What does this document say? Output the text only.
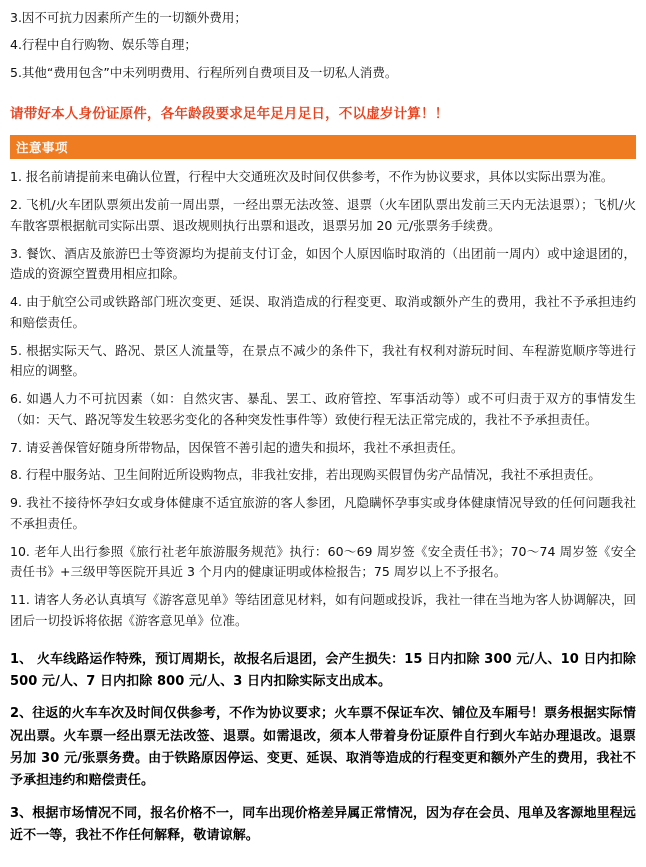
3.因不可抗力因素所产生的一切额外费用；

4.行程中自行购物、娱乐等自理；

5.其他“费用包含”中未列明费用、行程所列自费项目及一切私人消费。

请带好本人身份证原件，各年龄段要求足年足月足日，不以虚岁计算！！

注意事项

1. 报名前请提前来电确认位置，行程中大交通班次及时间仅供参考，不作为协议要求，具体以实际出票为准。

2. 飞机/火车团队票须出发前一周出票，一经出票无法改签、退票（火车团队票出发前三天内无法退票）；飞机/火车散客票根据航司实际出票、退改规则执行出票和退改，退票另加 20 元/张票务手续费。

3. 餐饮、酒店及旅游巴士等资源均为提前支付订金，如因个人原因临时取消的（出团前一周内）或中途退团的，造成的资源空置费用相应扣除。

4. 由于航空公司或铁路部门班次变更、延误、取消造成的行程变更、取消或额外产生的费用，我社不予承担违约和赔偿责任。

5. 根据实际天气、路况、景区人流量等，在景点不减少的条件下，我社有权利对游玩时间、车程游览顺序等进行相应的调整。

6. 如遇人力不可抗因素（如：自然灾害、暴乱、罢工、政府管控、军事活动等）或不可归责于双方的事情发生（如：天气、路况等发生较恶劣变化的各种突发性事件等）致使行程无法正常完成的，我社不予承担责任。

7. 请妥善保管好随身所带物品，因保管不善引起的遗失和损坏，我社不承担责任。

8. 行程中服务站、卫生间附近所设购物点，非我社安排，若出现购买假冒伪劣产品情况，我社不承担责任。

9. 我社不接待怀孕妇女或身体健康不适宜旅游的客人参团，凡隐瞒怀孕事实或身体健康情况导致的任何问题我社不承担责任。

10. 老年人出行参照《旅行社老年旅游服务规范》执行：60～69 周岁签《安全责任书》；70～74 周岁签《安全责任书》+三级甲等医院开具近 3 个月内的健康证明或体检报告；75 周岁以上不予报名。

11. 请客人务必认真填写《游客意见单》等结团意见材料，如有问题或投诉，我社一律在当地为客人协调解决，回团后一切投诉将依据《游客意见单》位准。

1、 火车线路运作特殊，预订周期长，故报名后退团，会产生损失：15 日内扣除 300 元/人、10 日内扣除 500 元/人、7 日内扣除 800 元/人、3 日内扣除实际支出成本。

2、往返的火车车次及时间仅供参考，不作为协议要求；火车票不保证车次、铺位及车厢号！票务根据实际情况出票。火车票一经出票无法改签、退票。如需退改，须本人带着身份证原件自行到火车站办理退改。退票另加 30 元/张票务费。由于铁路原因停运、变更、延误、取消等造成的行程变更和额外产生的费用，我社不予承担违约和赔偿责任。

3、根据市场情况不同，报名价格不一，同车出现价格差异属正常情况，因为存在会员、甩单及客源地里程远近不一等，我社不作任何解释，敬请谅解。
